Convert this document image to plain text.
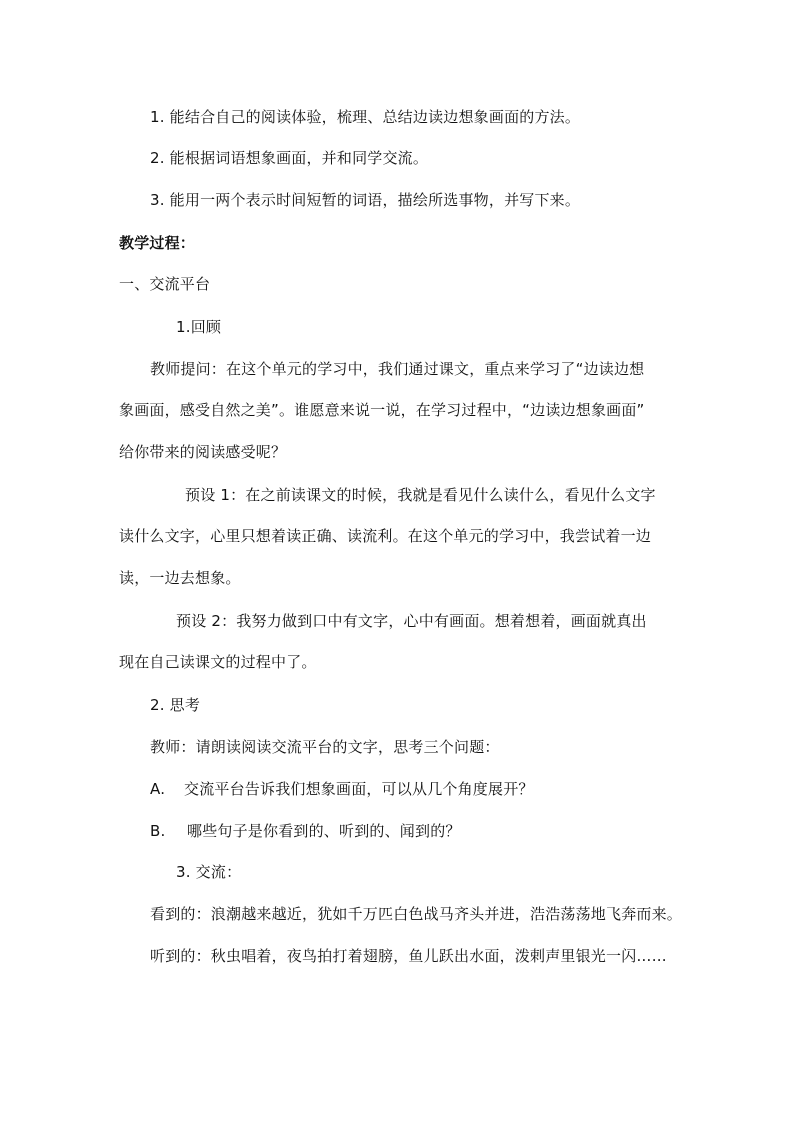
1. 能结合自己的阅读体验，梳理、总结边读边想象画面的方法。
2. 能根据词语想象画面，并和同学交流。
3. 能用一两个表示时间短暂的词语，描绘所选事物，并写下来。
教学过程：
一、交流平台
1.回顾
教师提问：在这个单元的学习中，我们通过课文，重点来学习了“边读边想
象画面，感受自然之美”。谁愿意来说一说，在学习过程中，“边读边想象画面”
给你带来的阅读感受呢？
预设 1：在之前读课文的时候，我就是看见什么读什么，看见什么文字
读什么文字，心里只想着读正确、读流利。在这个单元的学习中，我尝试着一边
读，一边去想象。
预设 2：我努力做到口中有文字，心中有画面。想着想着，画面就真出
现在自己读课文的过程中了。
2. 思考
教师：请朗读阅读交流平台的文字，思考三个问题：
A. 交流平台告诉我们想象画面，可以从几个角度展开？
B. 哪些句子是你看到的、听到的、闻到的？
3. 交流：
看到的：浪潮越来越近，犹如千万匹白色战马齐头并进，浩浩荡荡地飞奔而来。
听到的：秋虫唱着，夜鸟拍打着翅膀，鱼儿跃出水面，泼剌声里银光一闪……
